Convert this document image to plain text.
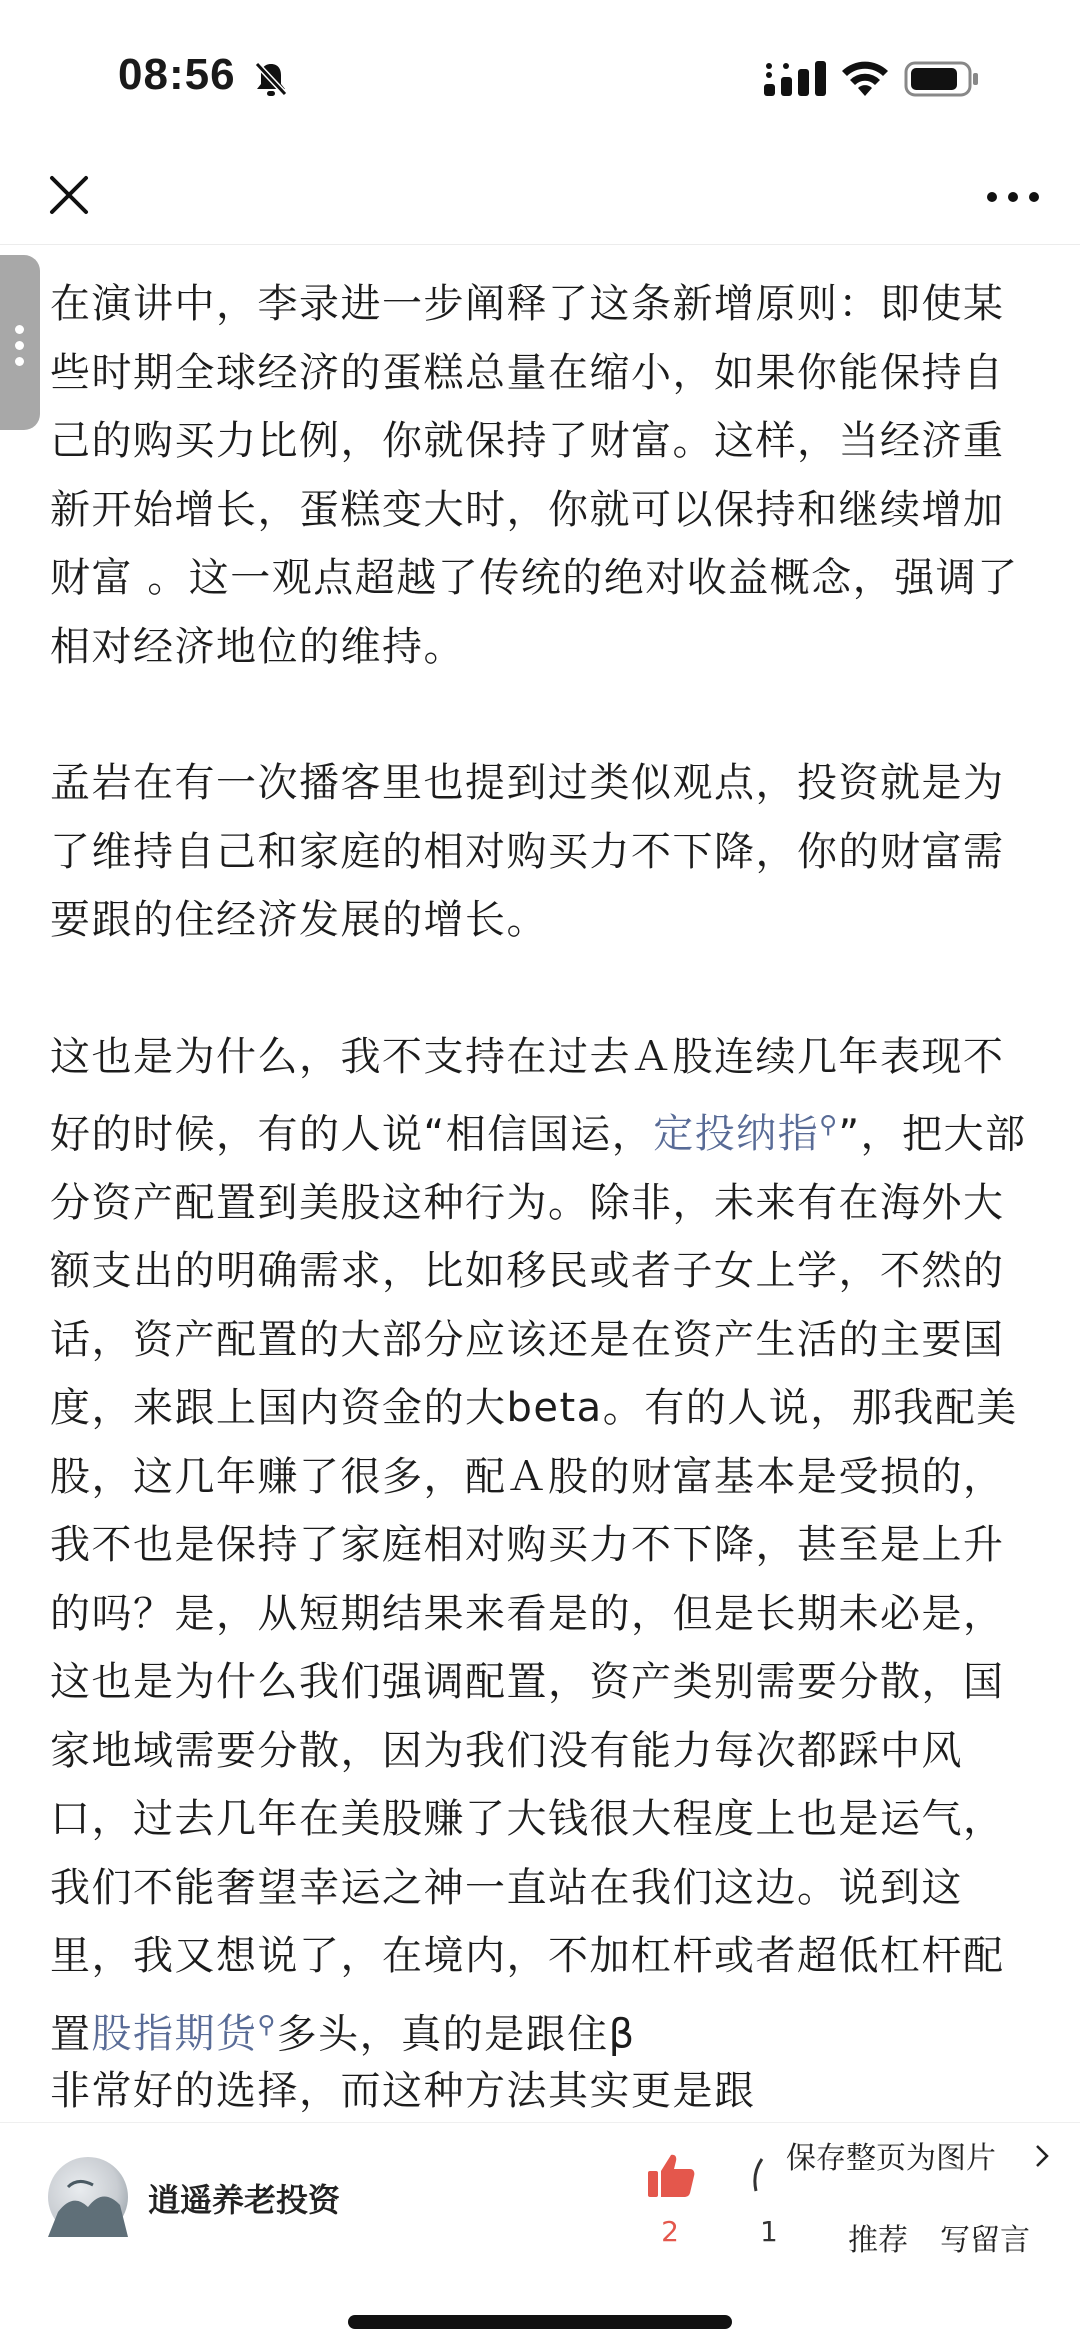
08:56

在演讲中，李录进一步阐释了这条新增原则：即使某些时期全球经济的蛋糕总量在缩小，如果你能保持自己的购买力比例，你就保持了财富。这样，当经济重新开始增长，蛋糕变大时，你就可以保持和继续增加财富 。这一观点超越了传统的绝对收益概念，强调了相对经济地位的维持。

孟岩在有一次播客里也提到过类似观点，投资就是为了维持自己和家庭的相对购买力不下降，你的财富需要跟的住经济发展的增长。

这也是为什么，我不支持在过去Ａ股连续几年表现不好的时候，有的人说“相信国运，定投纳指⚲”，把大部分资产配置到美股这种行为。除非，未来有在海外大额支出的明确需求，比如移民或者子女上学，不然的话，资产配置的大部分应该还是在资产生活的主要国度，来跟上国内资金的大beta。有的人说，那我配美股，这几年赚了很多，配Ａ股的财富基本是受损的，我不也是保持了家庭相对购买力不下降，甚至是上升的吗？是，从短期结果来看是的，但是长期未必是，这也是为什么我们强调配置，资产类别需要分散，国家地域需要分散，因为我们没有能力每次都踩中风口，过去几年在美股赚了大钱很大程度上也是运气，我们不能奢望幸运之神一直站在我们这边。说到这里，我又想说了，在境内，不加杠杆或者超低杠杆配置股指期货⚲多头，真的是跟住β

非常好的选择，而这种方法其实更是跟
逍遥养老投资
2	1
保存整页为图片
推荐 写留言
